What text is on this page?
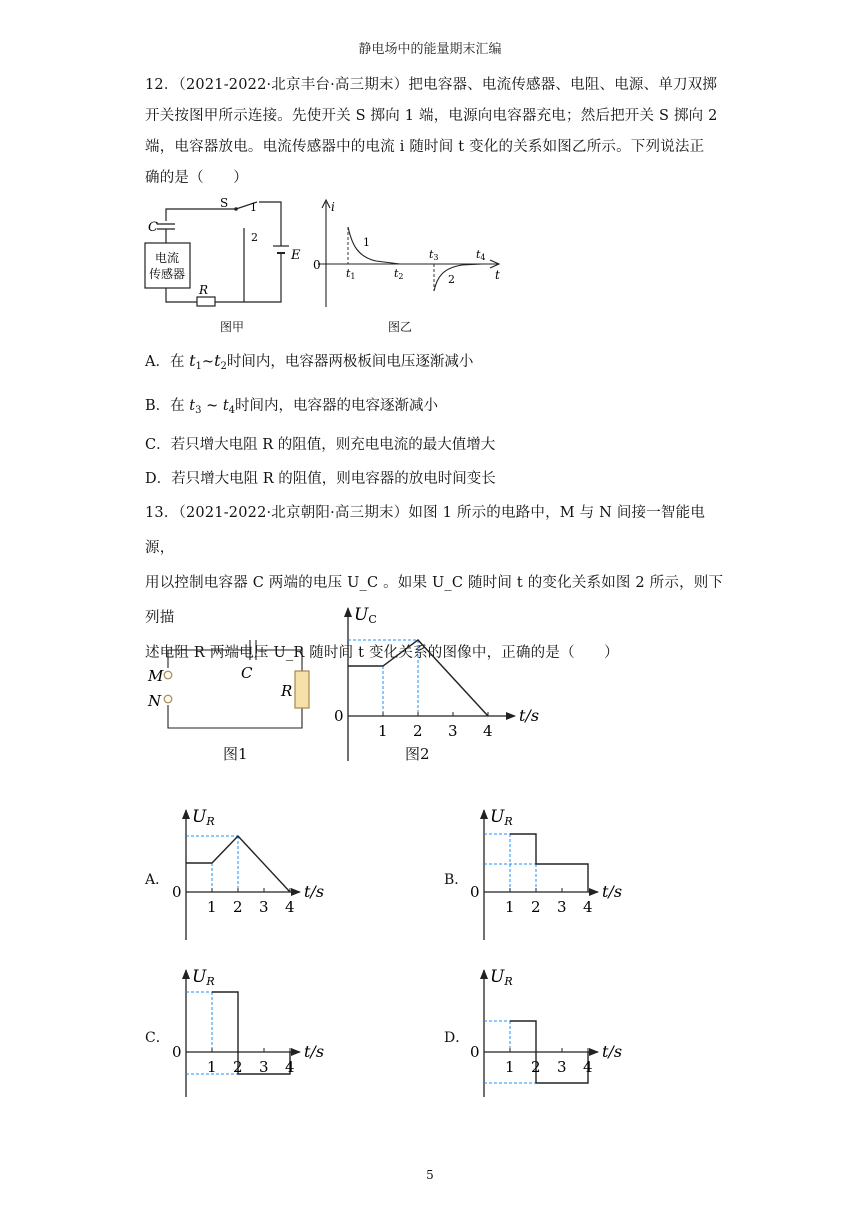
静电场中的能量期末汇编
12．（2021-2022·北京丰台·高三期末）把电容器、电流传感器、电阻、电源、单刀双掷
开关按图甲所示连接。先使开关 S 掷向 1 端，电源向电容器充电；然后把开关 S 掷向 2
端，电容器放电。电流传感器中的电流 i 随时间 t 变化的关系如图乙所示。下列说法正
确的是（　　）
C
S 1
2
E
R
电流
传感器
图甲
i
0
t
1
2
t1	t2
t3	t4
图乙
A．在 $t_1\sim t_2$时间内，电容器两极板间电压逐渐减小
B．在 $t_3$ ~ $t_4$时间内，电容器的电容逐渐减小
C．若只增大电阻 R 的阻值，则充电电流的最大值增大
D．若只增大电阻 R 的阻值，则电容器的放电时间变长
13．（2021-2022·北京朝阳·高三期末）如图 1 所示的电路中，M 与 N 间接一智能电源，
用以控制电容器 C 两端的电压 U_C 。如果 U_C 随时间 t 的变化关系如图 2 所示，则下列描
述电阻 R 两端电压 U_R 随时间 t 变化关系的图像中，正确的是（　　）
M
N
C
R
图1
0
1 2 3 4
UC
t/s
图2
A．
0
1 2 3 4
UR
t/s
B．
0
1 2 3 4
UR
t/s
C．
0
1 2 3 4
UR
t/s
D．
0
1 2 3 4
UR
t/s
5
